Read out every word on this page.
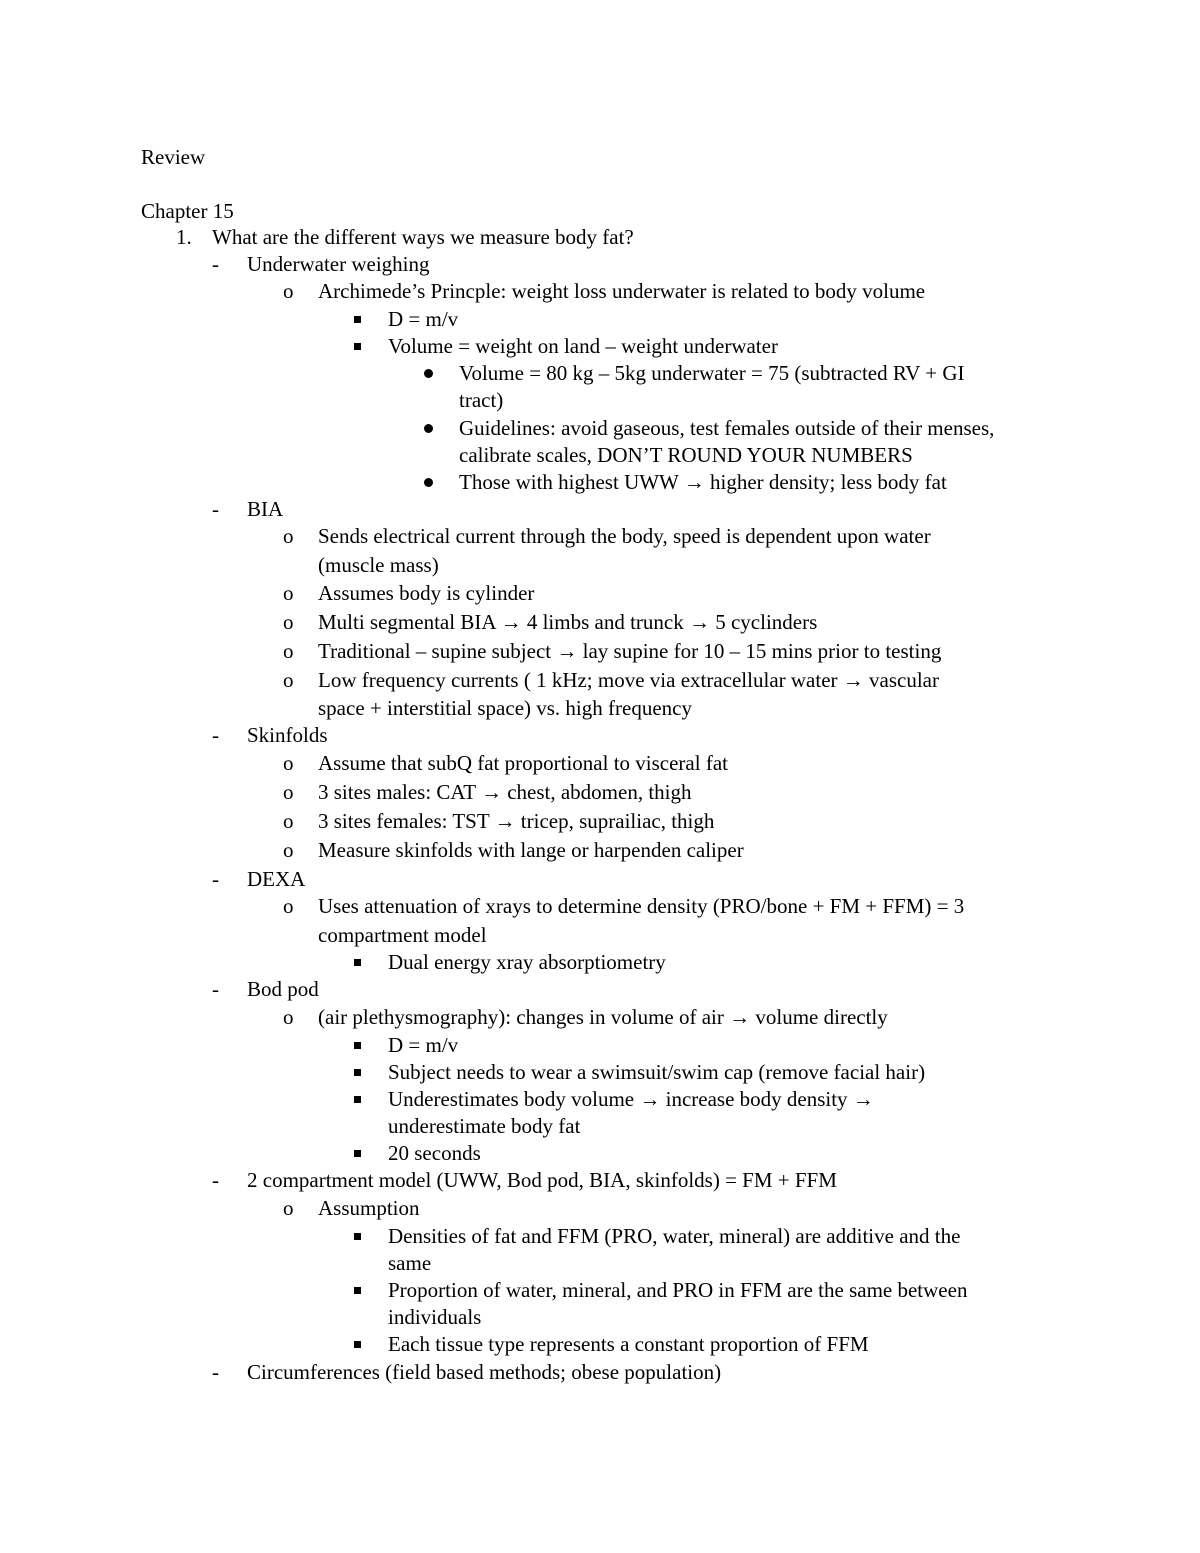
Review
Chapter 15
1. What are the different ways we measure body fat?
- Underwater weighing
o Archimede’s Princple: weight loss underwater is related to body volume
D = m/v
Volume = weight on land – weight underwater
Volume = 80 kg – 5kg underwater = 75 (subtracted RV + GI
tract)
Guidelines: avoid gaseous, test females outside of their menses,
calibrate scales, DON’T ROUND YOUR NUMBERS
Those with highest UWW → higher density; less body fat
- BIA
o Sends electrical current through the body, speed is dependent upon water
(muscle mass)
o Assumes body is cylinder
o Multi segmental BIA → 4 limbs and trunck → 5 cyclinders
o Traditional – supine subject → lay supine for 10 – 15 mins prior to testing
o Low frequency currents ( 1 kHz; move via extracellular water → vascular
space + interstitial space) vs. high frequency
- Skinfolds
o Assume that subQ fat proportional to visceral fat
o 3 sites males: CAT → chest, abdomen, thigh
o 3 sites females: TST → tricep, suprailiac, thigh
o Measure skinfolds with lange or harpenden caliper
- DEXA
o Uses attenuation of xrays to determine density (PRO/bone + FM + FFM) = 3
compartment model
Dual energy xray absorptiometry
- Bod pod
o (air plethysmography): changes in volume of air → volume directly
D = m/v
Subject needs to wear a swimsuit/swim cap (remove facial hair)
Underestimates body volume → increase body density →
underestimate body fat
20 seconds
- 2 compartment model (UWW, Bod pod, BIA, skinfolds) = FM + FFM
o Assumption
Densities of fat and FFM (PRO, water, mineral) are additive and the
same
Proportion of water, mineral, and PRO in FFM are the same between
individuals
Each tissue type represents a constant proportion of FFM
- Circumferences (field based methods; obese population)
